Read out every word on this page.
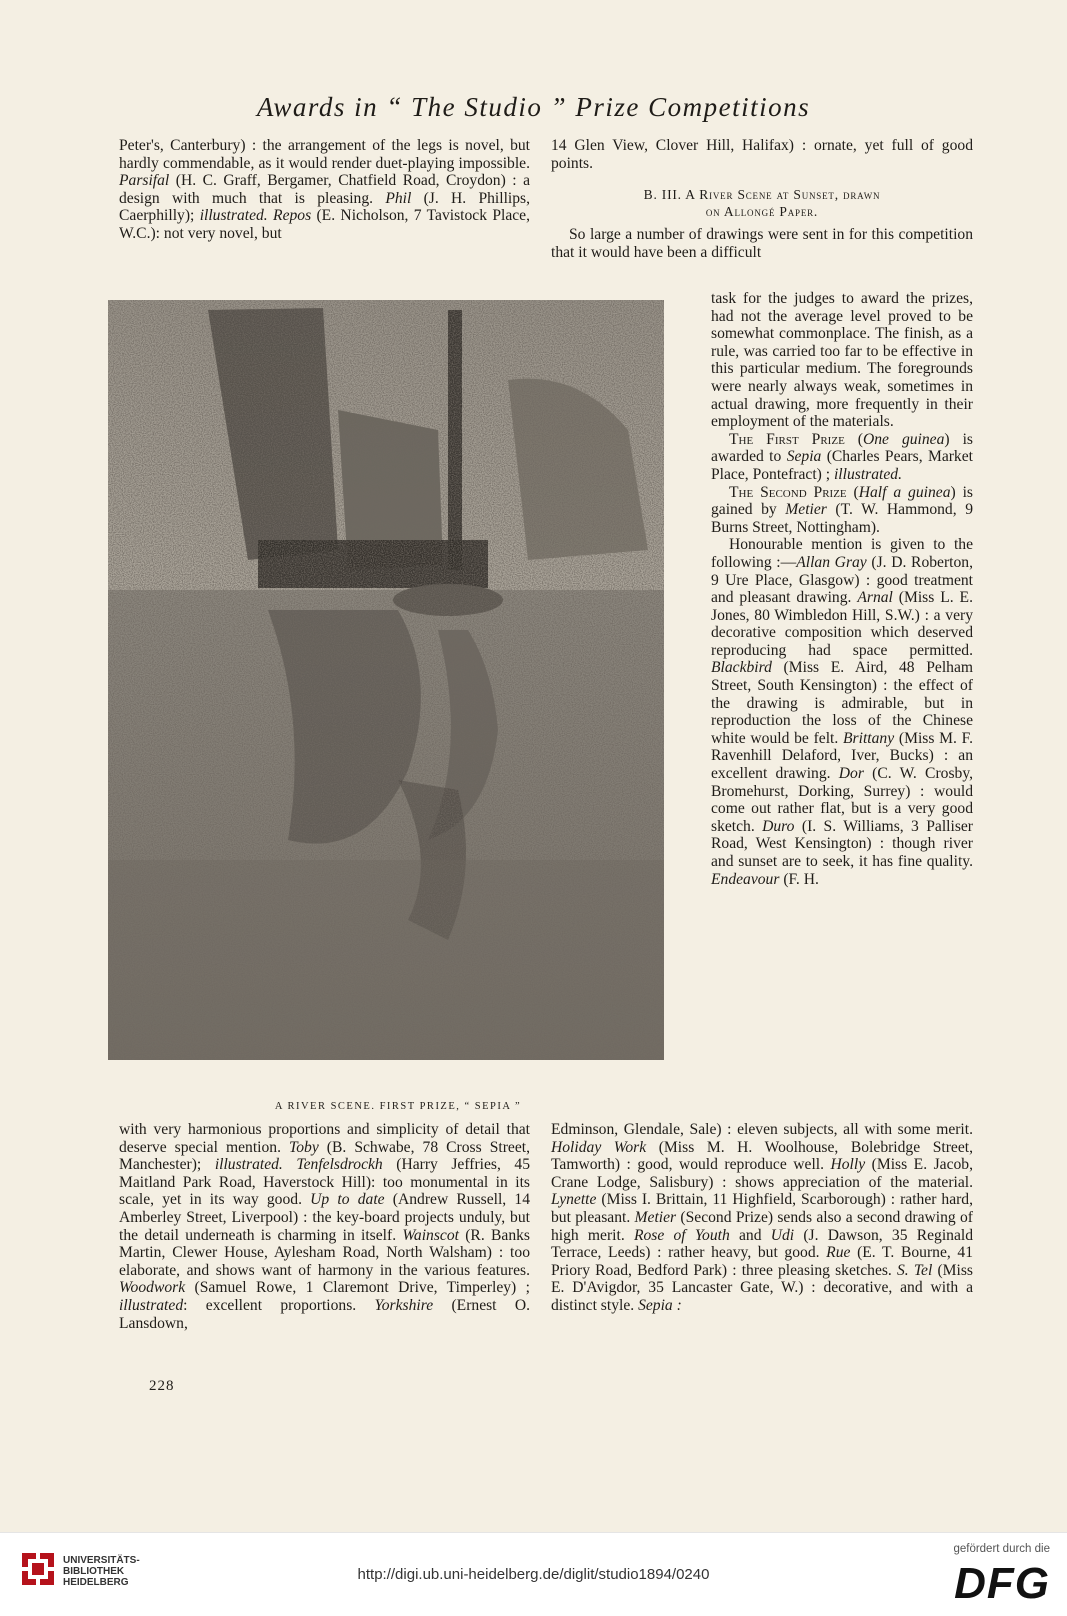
Awards in “ The Studio ” Prize Competitions

Peter's, Canterbury) : the arrangement of the legs is novel, but hardly commendable, as it would render duet-playing impossible. Parsifal (H. C. Graff, Bergamer, Chatfield Road, Croydon) : a design with much that is pleasing. Phil (J. H. Phillips, Caerphilly); illustrated. Repos (E. Nicholson, 7 Tavistock Place, W.C.): not very novel, but

A RIVER SCENE. FIRST PRIZE, “ SEPIA ”

with very harmonious proportions and simplicity of detail that deserve special mention. Toby (B. Schwabe, 78 Cross Street, Manchester); illustrated. Tenfelsdrockh (Harry Jeffries, 45 Maitland Park Road, Haverstock Hill): too monumental in its scale, yet in its way good. Up to date (Andrew Russell, 14 Amberley Street, Liverpool) : the key-board projects unduly, but the detail underneath is charming in itself. Wainscot (R. Banks Martin, Clewer House, Aylesham Road, North Walsham) : too elaborate, and shows want of harmony in the various features. Woodwork (Samuel Rowe, 1 Claremont Drive, Timperley) ; illustrated: excellent proportions. Yorkshire (Ernest O. Lansdown,

228

14 Glen View, Clover Hill, Halifax) : ornate, yet full of good points.

B. III. A River Scene at Sunset, drawn
on Allongé Paper.

So large a number of drawings were sent in for this competition that it would have been a difficult

task for the judges to award the prizes, had not the average level proved to be somewhat commonplace. The finish, as a rule, was carried too far to be effective in this particular medium. The foregrounds were nearly always weak, sometimes in actual drawing, more frequently in their employment of the materials.

The First Prize (One guinea) is awarded to Sepia (Charles Pears, Market Place, Pontefract) ; illustrated.

The Second Prize (Half a guinea) is gained by Metier (T. W. Hammond, 9 Burns Street, Nottingham).

Honourable mention is given to the following :—Allan Gray (J. D. Roberton, 9 Ure Place, Glasgow) : good treatment and pleasant drawing. Arnal (Miss L. E. Jones, 80 Wimbledon Hill, S.W.) : a very decorative composition which deserved reproducing had space permitted. Blackbird (Miss E. Aird, 48 Pelham Street, South Kensington) : the effect of the drawing is admirable, but in reproduction the loss of the Chinese white would be felt. Brittany (Miss M. F. Ravenhill Delaford, Iver, Bucks) : an excellent drawing. Dor (C. W. Crosby, Bromehurst, Dorking, Surrey) : would come out rather flat, but is a very good sketch. Duro (I. S. Williams, 3 Palliser Road, West Kensington) : though river and sunset are to seek, it has fine quality. Endeavour (F. H.

Edminson, Glendale, Sale) : eleven subjects, all with some merit. Holiday Work (Miss M. H. Woolhouse, Bolebridge Street, Tamworth) : good, would reproduce well. Holly (Miss E. Jacob, Crane Lodge, Salisbury) : shows appreciation of the material. Lynette (Miss I. Brittain, 11 Highfield, Scarborough) : rather hard, but pleasant. Metier (Second Prize) sends also a second drawing of high merit. Rose of Youth and Udi (J. Dawson, 35 Reginald Terrace, Leeds) : rather heavy, but good. Rue (E. T. Bourne, 41 Priory Road, Bedford Park) : three pleasing sketches. S. Tel (Miss E. D'Avigdor, 35 Lancaster Gate, W.) : decorative, and with a distinct style. Sepia :

UNIVERSITÄTS-
BIBLIOTHEK
HEIDELBERG	http://digi.ub.uni-heidelberg.de/diglit/studio1894/0240
gefördert durch die
DFG
